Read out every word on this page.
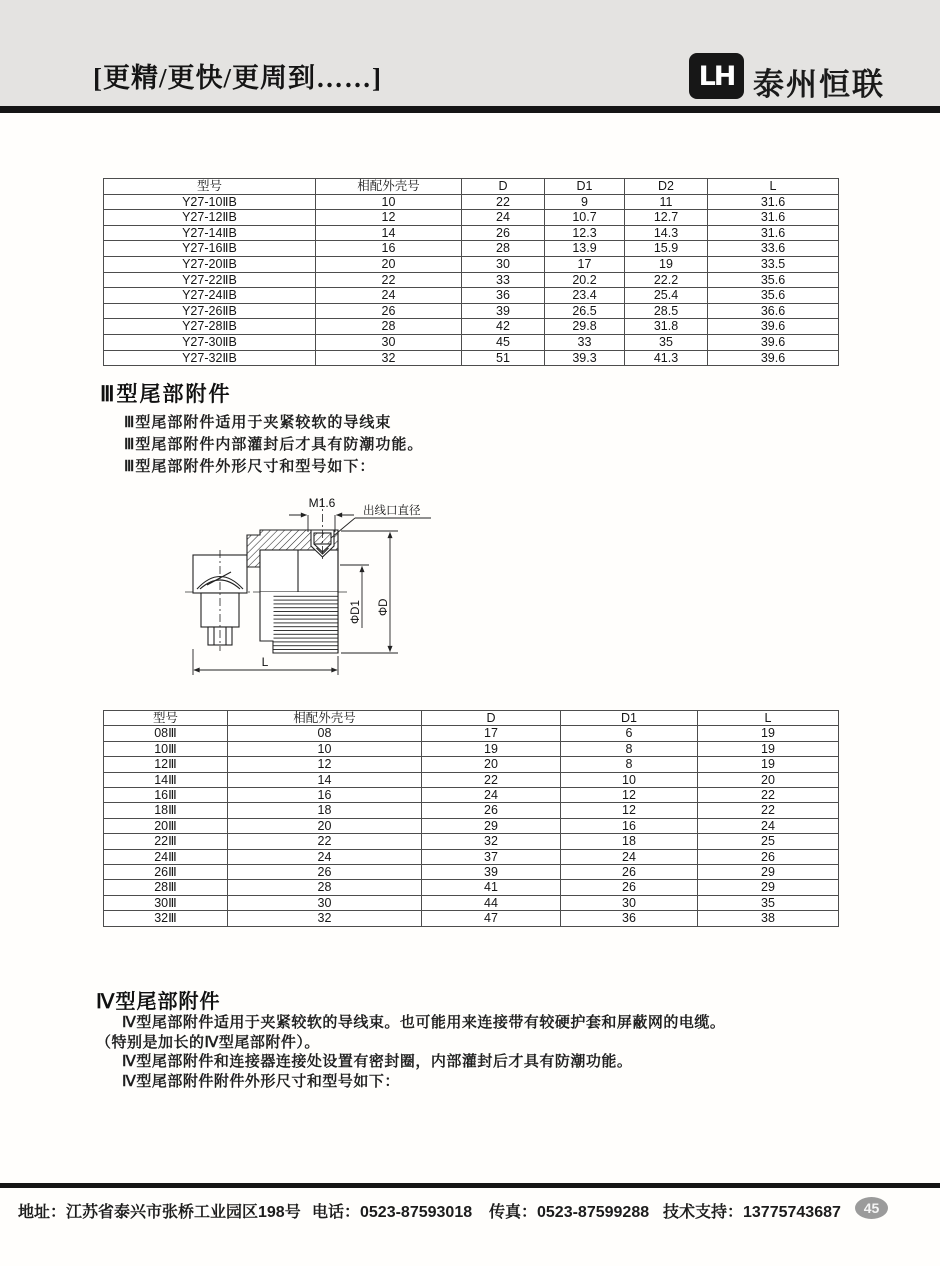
[更精/更快/更周到……]	LH 泰州恒联
型号	相配外壳号	D	D1	D2	L
Y27-10ⅡB	10	22	9	11	31.6
Y27-12ⅡB	12	24	10.7	12.7	31.6
Y27-14ⅡB	14	26	12.3	14.3	31.6
Y27-16ⅡB	16	28	13.9	15.9	33.6
Y27-20ⅡB	20	30	17	19	33.5
Y27-22ⅡB	22	33	20.2	22.2	35.6
Y27-24ⅡB	24	36	23.4	25.4	35.6
Y27-26ⅡB	26	39	26.5	28.5	36.6
Y27-28ⅡB	28	42	29.8	31.8	39.6
Y27-30ⅡB	30	45	33	35	39.6
Y27-32ⅡB	32	51	39.3	41.3	39.6
Ⅲ型尾部附件
Ⅲ型尾部附件适用于夹紧较软的导线束
Ⅲ型尾部附件内部灌封后才具有防潮功能。
Ⅲ型尾部附件外形尺寸和型号如下：
M1.6
出线口直径
ΦD1 ΦD
L
型号	相配外壳号	D	D1	L
08Ⅲ	08	17	6	19
10Ⅲ	10	19	8	19
12Ⅲ	12	20	8	19
14Ⅲ	14	22	10	20
16Ⅲ	16	24	12	22
18Ⅲ	18	26	12	22
20Ⅲ	20	29	16	24
22Ⅲ	22	32	18	25
24Ⅲ	24	37	24	26
26Ⅲ	26	39	26	29
28Ⅲ	28	41	26	29
30Ⅲ	30	44	30	35
32Ⅲ	32	47	36	38
Ⅳ型尾部附件
Ⅳ型尾部附件适用于夹紧较软的导线束。也可能用来连接带有较硬护套和屏蔽网的电缆。
（特别是加长的Ⅳ型尾部附件）。
Ⅳ型尾部附件和连接器连接处设置有密封圈，内部灌封后才具有防潮功能。
Ⅳ型尾部附件附件外形尺寸和型号如下：
地址：江苏省泰兴市张桥工业园区198号 电话：0523-87593018 传真：0523-87599288 技术支持：13775743687	45
